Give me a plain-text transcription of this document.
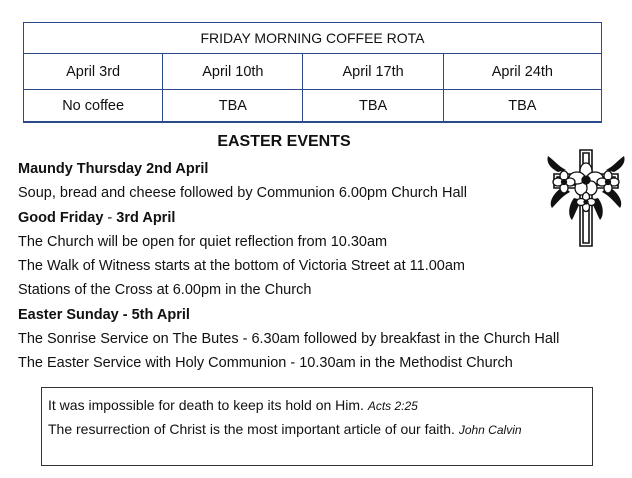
FRIDAY MORNING COFFEE ROTA			
April 3rd	April 10th	April 17th	April 24th
No coffee	TBA	TBA	TBA
EASTER EVENTS
Maundy Thursday 2nd April
Soup, bread and cheese followed by Communion 6.00pm Church Hall
Good Friday - 3rd April
The Church will be open for quiet reflection from 10.30am
The Walk of Witness starts at the bottom of Victoria Street at 11.00am
Stations of the Cross at 6.00pm in the Church
Easter Sunday - 5th April
The Sonrise Service on The Butes - 6.30am followed by breakfast in the Church Hall
The Easter Service with Holy Communion - 10.30am in the Methodist Church
It was impossible for death to keep its hold on Him. Acts 2:25
The resurrection of Christ is the most important article of our faith. John Calvin
